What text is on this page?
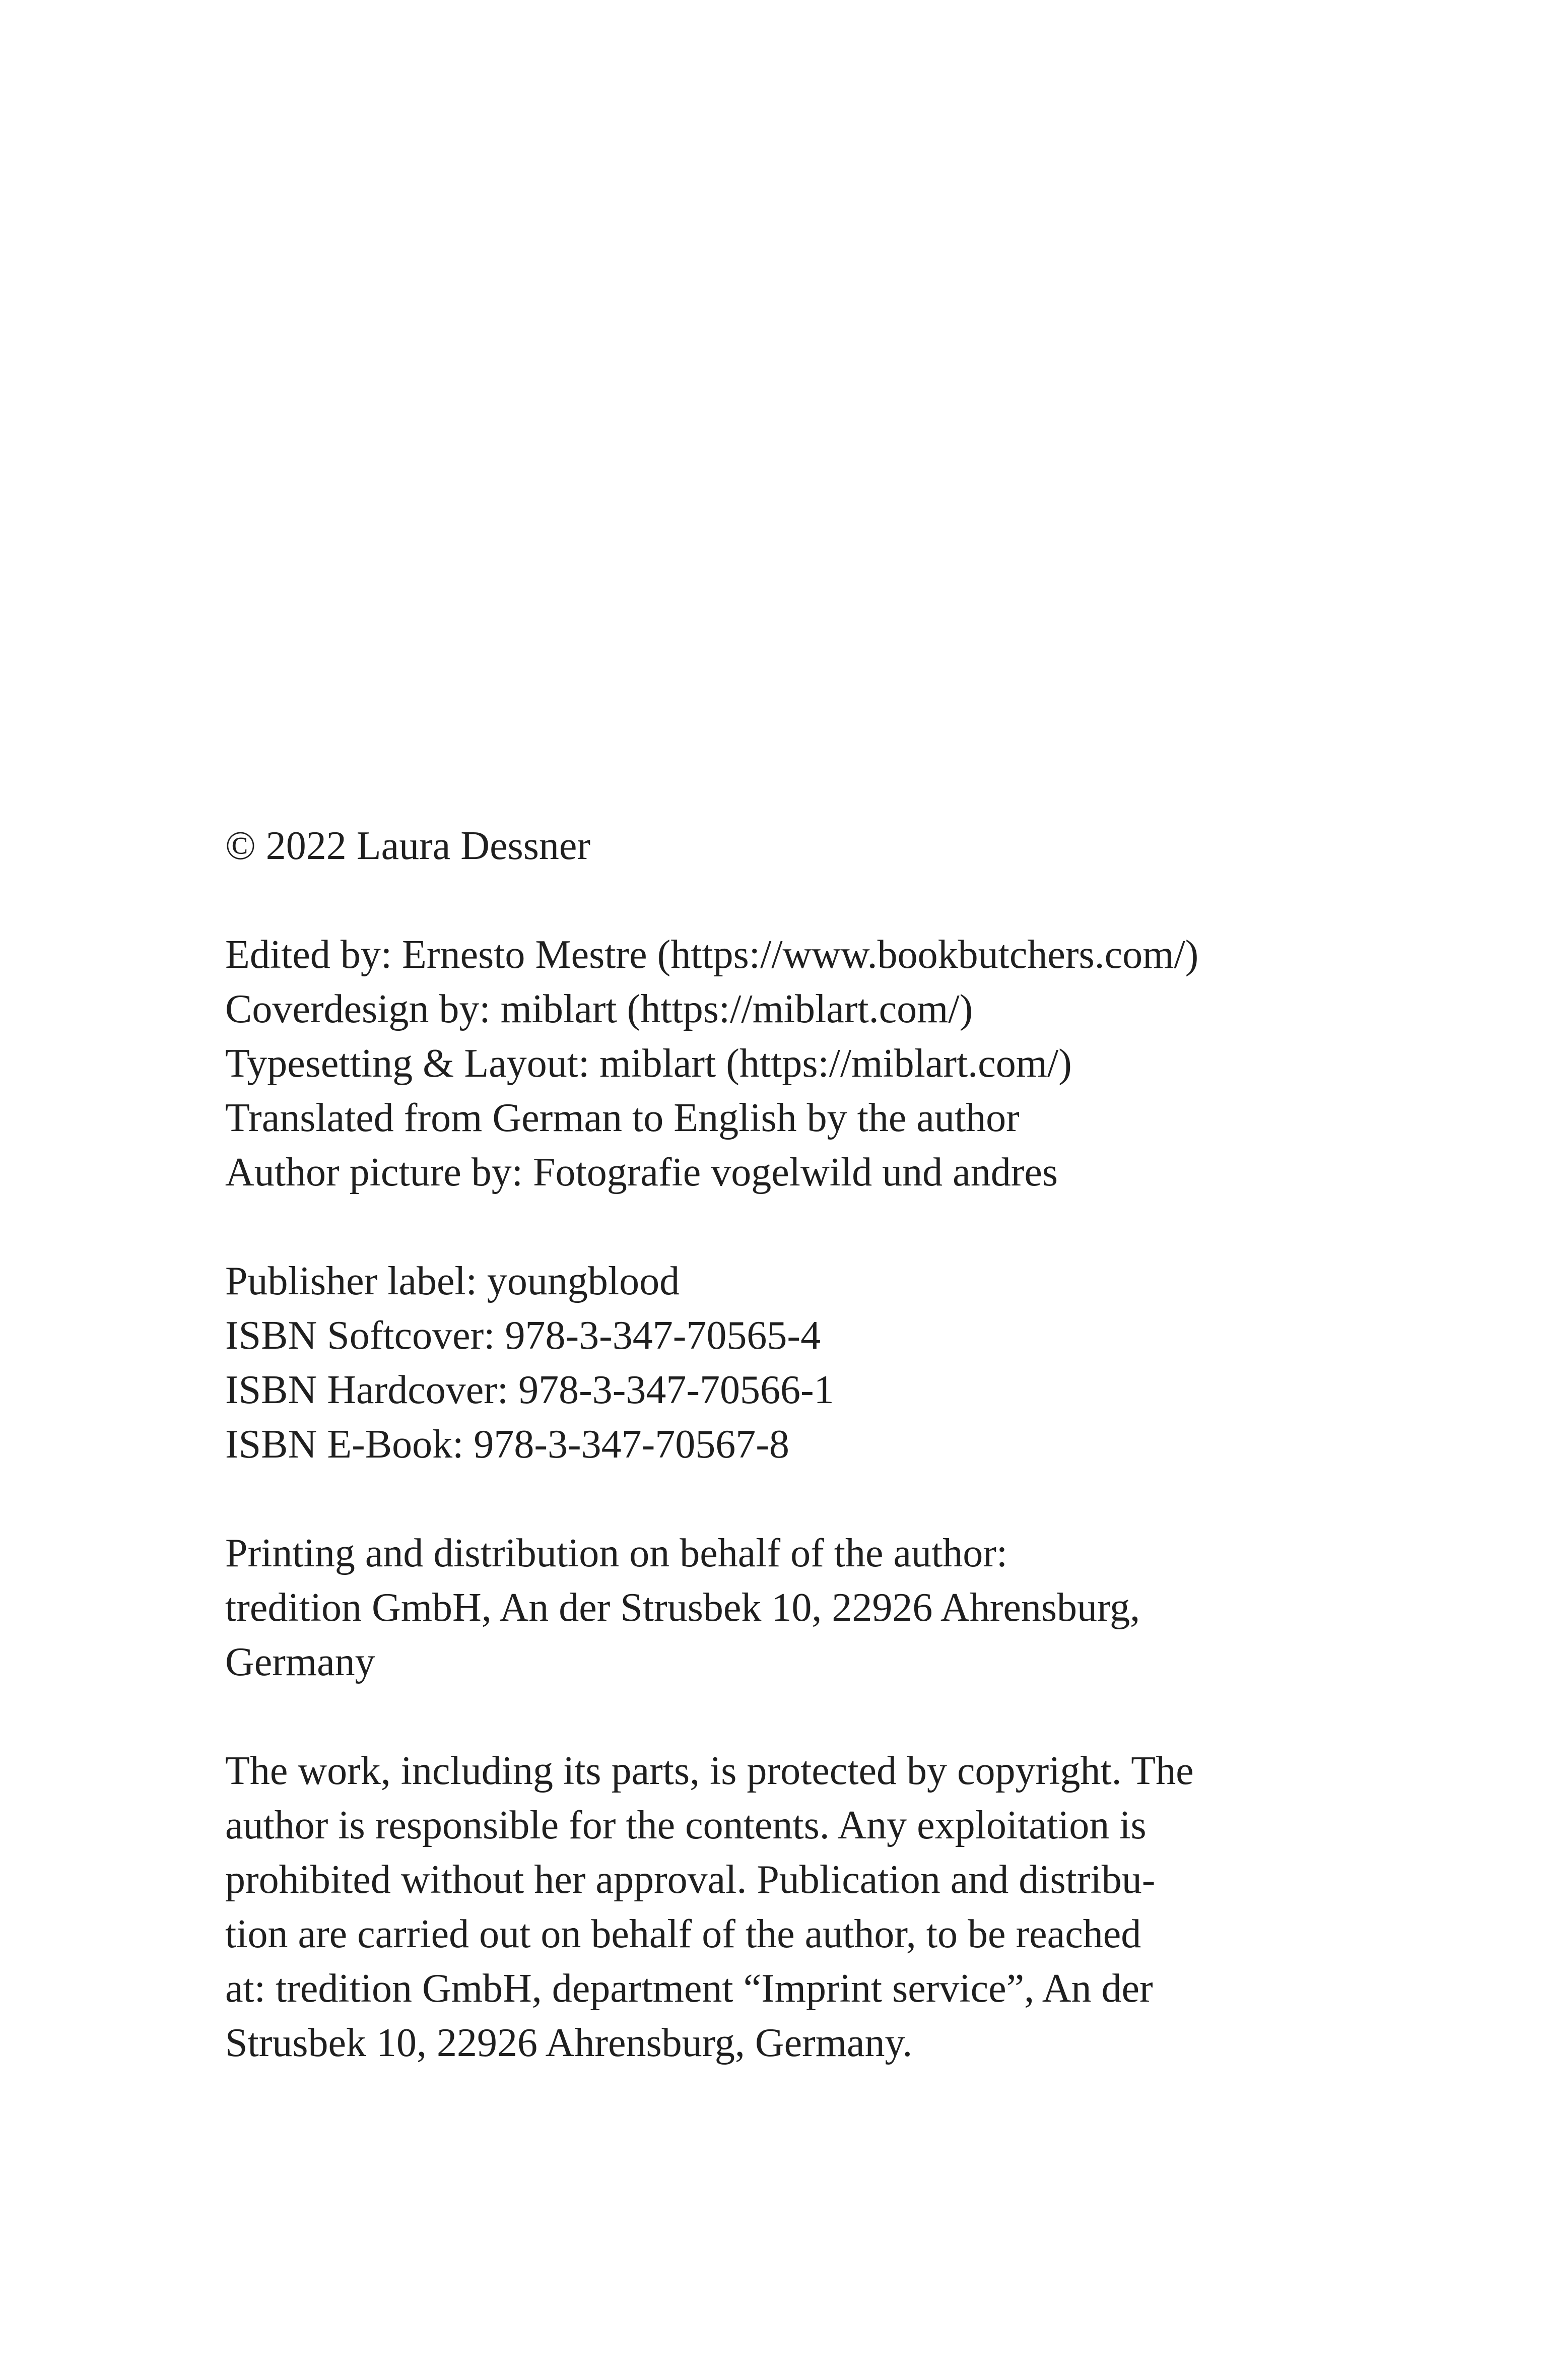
© 2022 Laura Dessner
Edited by: Ernesto Mestre (https://www.bookbutchers.com/)
Coverdesign by: miblart (https://miblart.com/)
Typesetting & Layout: miblart (https://miblart.com/)
Translated from German to English by the author
Author picture by: Fotografie vogelwild und andres
Publisher label: youngblood
ISBN Softcover: 978-3-347-70565-4
ISBN Hardcover: 978-3-347-70566-1
ISBN E-Book: 978-3-347-70567-8
Printing and distribution on behalf of the author:
tredition GmbH, An der Strusbek 10, 22926 Ahrensburg,
Germany
The work, including its parts, is protected by copyright. The
author is responsible for the contents. Any exploitation is
prohibited without her approval. Publication and distribu-
tion are carried out on behalf of the author, to be reached
at: tredition GmbH, department “Imprint service”, An der
Strusbek 10, 22926 Ahrensburg, Germany.
